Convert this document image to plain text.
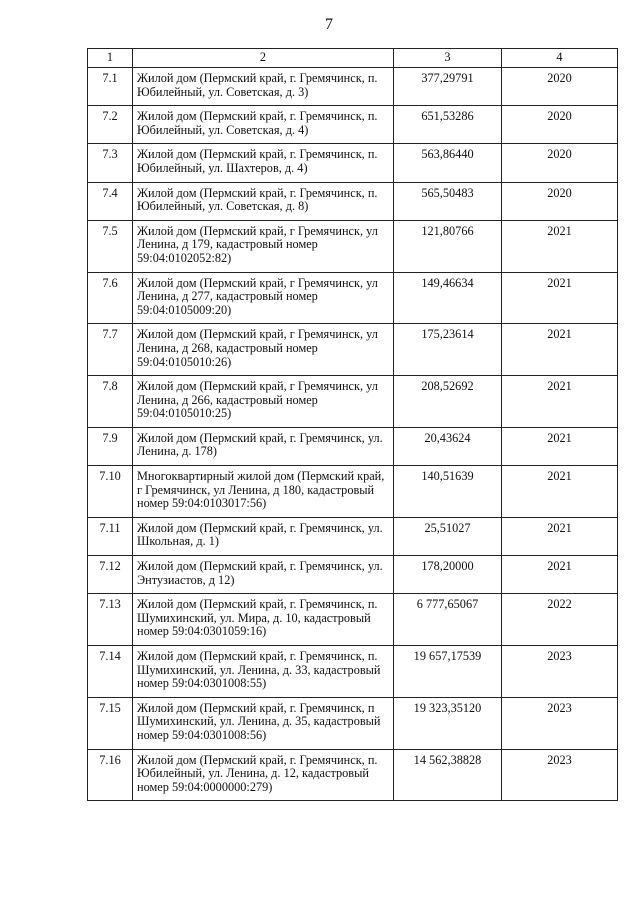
7
1	2	3	4
7.1	Жилой дом (Пермский край, г. Гремячинск, п. Юбилейный, ул. Советская, д. 3)	377,29791	2020
7.2	Жилой дом (Пермский край, г. Гремячинск, п. Юбилейный, ул. Советская, д. 4)	651,53286	2020
7.3	Жилой дом (Пермский край, г. Гремячинск, п. Юбилейный, ул. Шахтеров, д. 4)	563,86440	2020
7.4	Жилой дом (Пермский край, г. Гремячинск, п. Юбилейный, ул. Советская, д. 8)	565,50483	2020
7.5	Жилой дом (Пермский край, г Гремячинск, ул Ленина, д 179, кадастровый номер 59:04:0102052:82)	121,80766	2021
7.6	Жилой дом (Пермский край, г Гремячинск, ул Ленина, д 277, кадастровый номер 59:04:0105009:20)	149,46634	2021
7.7	Жилой дом (Пермский край, г Гремячинск, ул Ленина, д 268, кадастровый номер 59:04:0105010:26)	175,23614	2021
7.8	Жилой дом (Пермский край, г Гремячинск, ул Ленина, д 266, кадастровый номер 59:04:0105010:25)	208,52692	2021
7.9	Жилой дом (Пермский край, г. Гремячинск, ул. Ленина, д. 178)	20,43624	2021
7.10	Многоквартирный жилой дом (Пермский край, г Гремячинск, ул Ленина, д 180, кадастровый номер 59:04:0103017:56)	140,51639	2021
7.11	Жилой дом (Пермский край, г. Гремячинск, ул. Школьная, д. 1)	25,51027	2021
7.12	Жилой дом (Пермский край, г. Гремячинск, ул. Энтузиастов, д 12)	178,20000	2021
7.13	Жилой дом (Пермский край, г. Гремячинск, п. Шумихинский, ул. Мира, д. 10, кадастровый номер 59:04:0301059:16)	6 777,65067	2022
7.14	Жилой дом (Пермский край, г. Гремячинск, п. Шумихинский, ул. Ленина, д. 33, кадастровый номер 59:04:0301008:55)	19 657,17539	2023
7.15	Жилой дом (Пермский край, г. Гремячинск, п Шумихинский, ул. Ленина, д. 35, кадастровый номер 59:04:0301008:56)	19 323,35120	2023
7.16	Жилой дом (Пермский край, г. Гремячинск, п. Юбилейный, ул. Ленина, д. 12, кадастровый номер 59:04:0000000:279)	14 562,38828	2023
